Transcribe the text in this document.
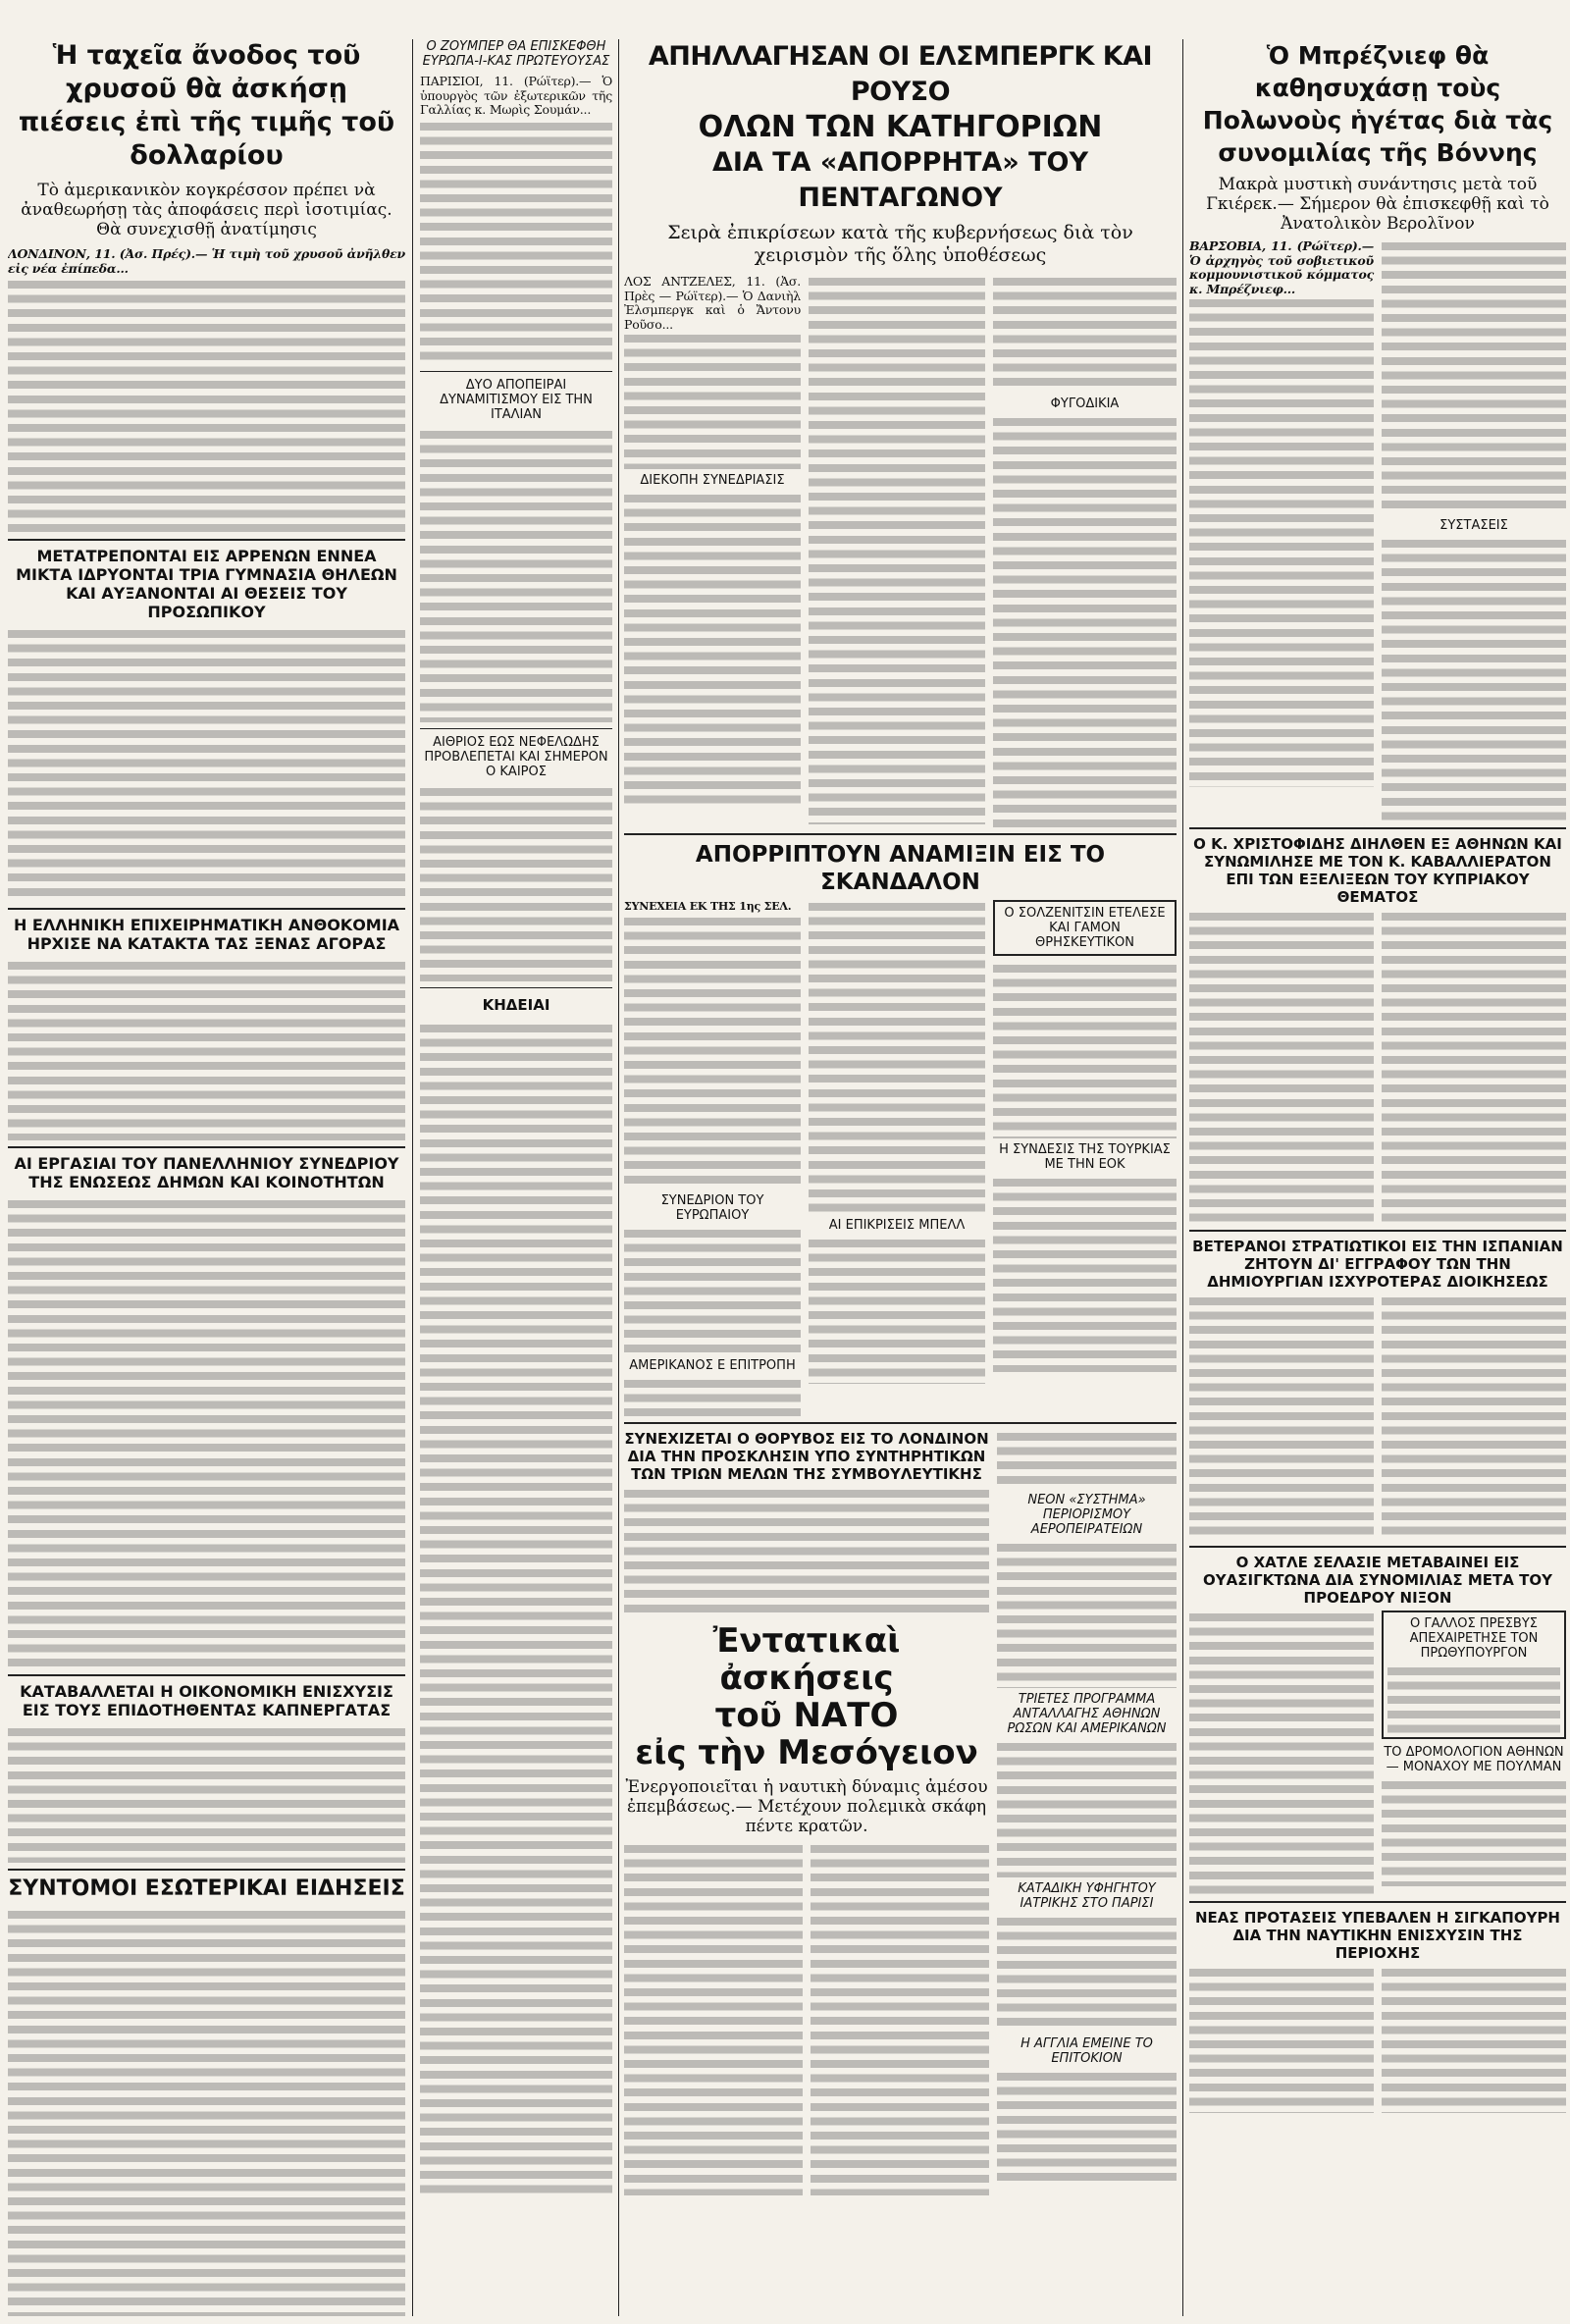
Ἡ ταχεῖα ἄνοδος τοῦ χρυσοῦ θὰ ἀσκήσῃ πιέσεις ἐπὶ τῆς τιμῆς τοῦ δολλαρίου
Τὸ ἀμερικανικὸν κογκρέσσον πρέπει νὰ ἀναθεωρήσῃ τὰς ἀποφάσεις περὶ ἰσοτιμίας. Θὰ συνεχισθῇ ἀνατίμησις
ΛΟΝΔΙΝΟΝ, 11. (Ἀσ. Πρές).— Ἡ τιμὴ τοῦ χρυσοῦ ἀνῆλθεν εἰς νέα ἐπίπεδα...
ΜΕΤΑΤΡΕΠΟΝΤΑΙ ΕΙΣ ΑΡΡΕΝΩΝ ΕΝΝΕΑ ΜΙΚΤΑ ΙΔΡΥΟΝΤΑΙ ΤΡΙΑ ΓΥΜΝΑΣΙΑ ΘΗΛΕΩΝ ΚΑΙ ΑΥΞΑΝΟΝΤΑΙ ΑΙ ΘΕΣΕΙΣ ΤΟΥ ΠΡΟΣΩΠΙΚΟΥ
Η ΕΛΛΗΝΙΚΗ ΕΠΙΧΕΙΡΗΜΑΤΙΚΗ ΑΝΘΟΚΟΜΙΑ ΗΡΧΙΣΕ ΝΑ ΚΑΤΑΚΤΑ ΤΑΣ ΞΕΝΑΣ ΑΓΟΡΑΣ
ΑΙ ΕΡΓΑΣΙΑΙ ΤΟΥ ΠΑΝΕΛΛΗΝΙΟΥ ΣΥΝΕΔΡΙΟΥ ΤΗΣ ΕΝΩΣΕΩΣ ΔΗΜΩΝ ΚΑΙ ΚΟΙΝΟΤΗΤΩΝ
ΚΑΤΑΒΑΛΛΕΤΑΙ Η ΟΙΚΟΝΟΜΙΚΗ ΕΝΙΣΧΥΣΙΣ ΕΙΣ ΤΟΥΣ ΕΠΙΔΟΤΗΘΕΝΤΑΣ ΚΑΠΝΕΡΓΑΤΑΣ
ΣΥΝΤΟΜΟΙ ΕΣΩΤΕΡΙΚΑΙ ΕΙΔΗΣΕΙΣ
Ο ΖΟΥΜΠΕΡ ΘΑ ΕΠΙΣΚΕΦΘΗ ΕΥΡΩΠΑ-Ι-ΚΑΣ ΠΡΩΤΕΥΟΥΣΑΣ
ΠΑΡΙΣΙΟΙ, 11. (Ρώϊτερ).— Ὁ ὑπουργὸς τῶν ἐξωτερικῶν τῆς Γαλλίας κ. Μωρὶς Σουμάν...
ΔΥΟ ΑΠΟΠΕΙΡΑΙ ΔΥΝΑΜΙΤΙΣΜΟΥ ΕΙΣ ΤΗΝ ΙΤΑΛΙΑΝ
ΑΙΘΡΙΟΣ ΕΩΣ ΝΕΦΕΛΩΔΗΣ ΠΡΟΒΛΕΠΕΤΑΙ ΚΑΙ ΣΗΜΕΡΟΝ Ο ΚΑΙΡΟΣ
ΚΗΔΕΙΑΙ
ΑΠΗΛΛΑΓΗΣΑΝ ΟΙ ΕΛΣΜΠΕΡΓΚ ΚΑΙ ΡΟΥΣΟ
ΟΛΩΝ ΤΩΝ ΚΑΤΗΓΟΡΙΩΝ
ΔΙΑ ΤΑ «ΑΠΟΡΡΗΤΑ» ΤΟΥ ΠΕΝΤΑΓΩΝΟΥ
Σειρὰ ἐπικρίσεων κατὰ τῆς κυβερνήσεως διὰ τὸν χειρισμὸν τῆς ὅλης ὑποθέσεως
ΛΟΣ ΑΝΤΖΕΛΕΣ, 11. (Ἀσ. Πρὲς — Ρώϊτερ).— Ὁ Δανιὴλ Ἐλσμπεργκ καὶ ὁ Ἄντονυ Ροῦσο...
ΔΙΕΚΟΠΗ ΣΥΝΕΔΡΙΑΣΙΣ
ΦΥΓΟΔΙΚΙΑ
ΑΠΟΡΡΙΠΤΟΥΝ ΑΝΑΜΙΞΙΝ ΕΙΣ ΤΟ ΣΚΑΝΔΑΛΟΝ
ΣΥΝΕΧΕΙΑ ΕΚ ΤΗΣ 1ης ΣΕΛ.
ΣΥΝΕΔΡΙΟΝ ΤΟΥ ΕΥΡΩΠΑΙΟΥ
ΑΜΕΡΙΚΑΝΟΣ Ε ΕΠΙΤΡΟΠΗ
ΑΙ ΕΠΙΚΡΙΣΕΙΣ ΜΠΕΛΛ
Ο ΣΟΛΖΕΝΙΤΣΙΝ ΕΤΕΛΕΣΕ ΚΑΙ ΓΑΜΟΝ ΘΡΗΣΚΕΥΤΙΚΟΝ
Η ΣΥΝΔΕΣΙΣ ΤΗΣ ΤΟΥΡΚΙΑΣ ΜΕ ΤΗΝ ΕΟΚ
ΣΥΝΕΧΙΖΕΤΑΙ Ο ΘΟΡΥΒΟΣ ΕΙΣ ΤΟ ΛΟΝΔΙΝΟΝ ΔΙΑ ΤΗΝ ΠΡΟΣΚΛΗΣΙΝ ΥΠΟ ΣΥΝΤΗΡΗΤΙΚΩΝ ΤΩΝ ΤΡΙΩΝ ΜΕΛΩΝ ΤΗΣ ΣΥΜΒΟΥΛΕΥΤΙΚΗΣ
Ἐντατικαὶ ἀσκήσεις
τοῦ ΝΑΤΟ
εἰς τὴν Μεσόγειον
Ἐνεργοποιεῖται ἡ ναυτικὴ δύναμις ἀμέσου ἐπεμβάσεως.— Μετέχουν πολεμικὰ σκάφη πέντε κρατῶν.
ΝΕΟΝ «ΣΥΣΤΗΜΑ» ΠΕΡΙΟΡΙΣΜΟΥ ΑΕΡΟΠΕΙΡΑΤΕΙΩΝ
ΤΡΙΕΤΕΣ ΠΡΟΓΡΑΜΜΑ ΑΝΤΑΛΛΑΓΗΣ ΑΘΗΝΩΝ ΡΩΣΩΝ ΚΑΙ ΑΜΕΡΙΚΑΝΩΝ
ΚΑΤΑΔΙΚΗ ΥΦΗΓΗΤΟΥ ΙΑΤΡΙΚΗΣ ΣΤΟ ΠΑΡΙΣΙ
Η ΑΓΓΛΙΑ ΕΜΕΙΝΕ ΤΟ ΕΠΙΤΟΚΙΟΝ
Ὁ Μπρέζνιεφ θὰ καθησυχάσῃ τοὺς Πολωνοὺς ἡγέτας διὰ τὰς συνομιλίας τῆς Βόννης
Μακρὰ μυστικὴ συνάντησις μετὰ τοῦ Γκιέρεκ.— Σήμερον θὰ ἐπισκεφθῇ καὶ τὸ Ἀνατολικὸν Βερολῖνον
ΒΑΡΣΟΒΙΑ, 11. (Ρώϊτερ).— Ὁ ἀρχηγὸς τοῦ σοβιετικοῦ κομμουνιστικοῦ κόμματος κ. Μπρέζνιεφ...
ΣΥΣΤΑΣΕΙΣ
Ο Κ. ΧΡΙΣΤΟΦΙΔΗΣ ΔΙΗΛΘΕΝ ΕΞ ΑΘΗΝΩΝ ΚΑΙ ΣΥΝΩΜΙΛΗΣΕ ΜΕ ΤΟΝ Κ. ΚΑΒΑΛΛΙΕΡΑΤΟΝ ΕΠΙ ΤΩΝ ΕΞΕΛΙΞΕΩΝ ΤΟΥ ΚΥΠΡΙΑΚΟΥ ΘΕΜΑΤΟΣ
ΒΕΤΕΡΑΝΟΙ ΣΤΡΑΤΙΩΤΙΚΟΙ ΕΙΣ ΤΗΝ ΙΣΠΑΝΙΑΝ ΖΗΤΟΥΝ ΔΙ' ΕΓΓΡΑΦΟΥ ΤΩΝ ΤΗΝ ΔΗΜΙΟΥΡΓΙΑΝ ΙΣΧΥΡΟΤΕΡΑΣ ΔΙΟΙΚΗΣΕΩΣ
Ο ΧΑΤΛΕ ΣΕΛΑΣΙΕ ΜΕΤΑΒΑΙΝΕΙ ΕΙΣ ΟΥΑΣΙΓΚΤΩΝΑ ΔΙΑ ΣΥΝΟΜΙΛΙΑΣ ΜΕΤΑ ΤΟΥ ΠΡΟΕΔΡΟΥ ΝΙΞΟΝ
Ο ΓΑΛΛΟΣ ΠΡΕΣΒΥΣ ΑΠΕΧΑΙΡΕΤΗΣΕ ΤΟΝ ΠΡΩΘΥΠΟΥΡΓΟΝ
ΤΟ ΔΡΟΜΟΛΟΓΙΟΝ ΑΘΗΝΩΝ — ΜΟΝΑΧΟΥ ΜΕ ΠΟΥΛΜΑΝ
ΝΕΑΣ ΠΡΟΤΑΣΕΙΣ ΥΠΕΒΑΛΕΝ Η ΣΙΓΚΑΠΟΥΡΗ ΔΙΑ ΤΗΝ ΝΑΥΤΙΚΗΝ ΕΝΙΣΧΥΣΙΝ ΤΗΣ ΠΕΡΙΟΧΗΣ
